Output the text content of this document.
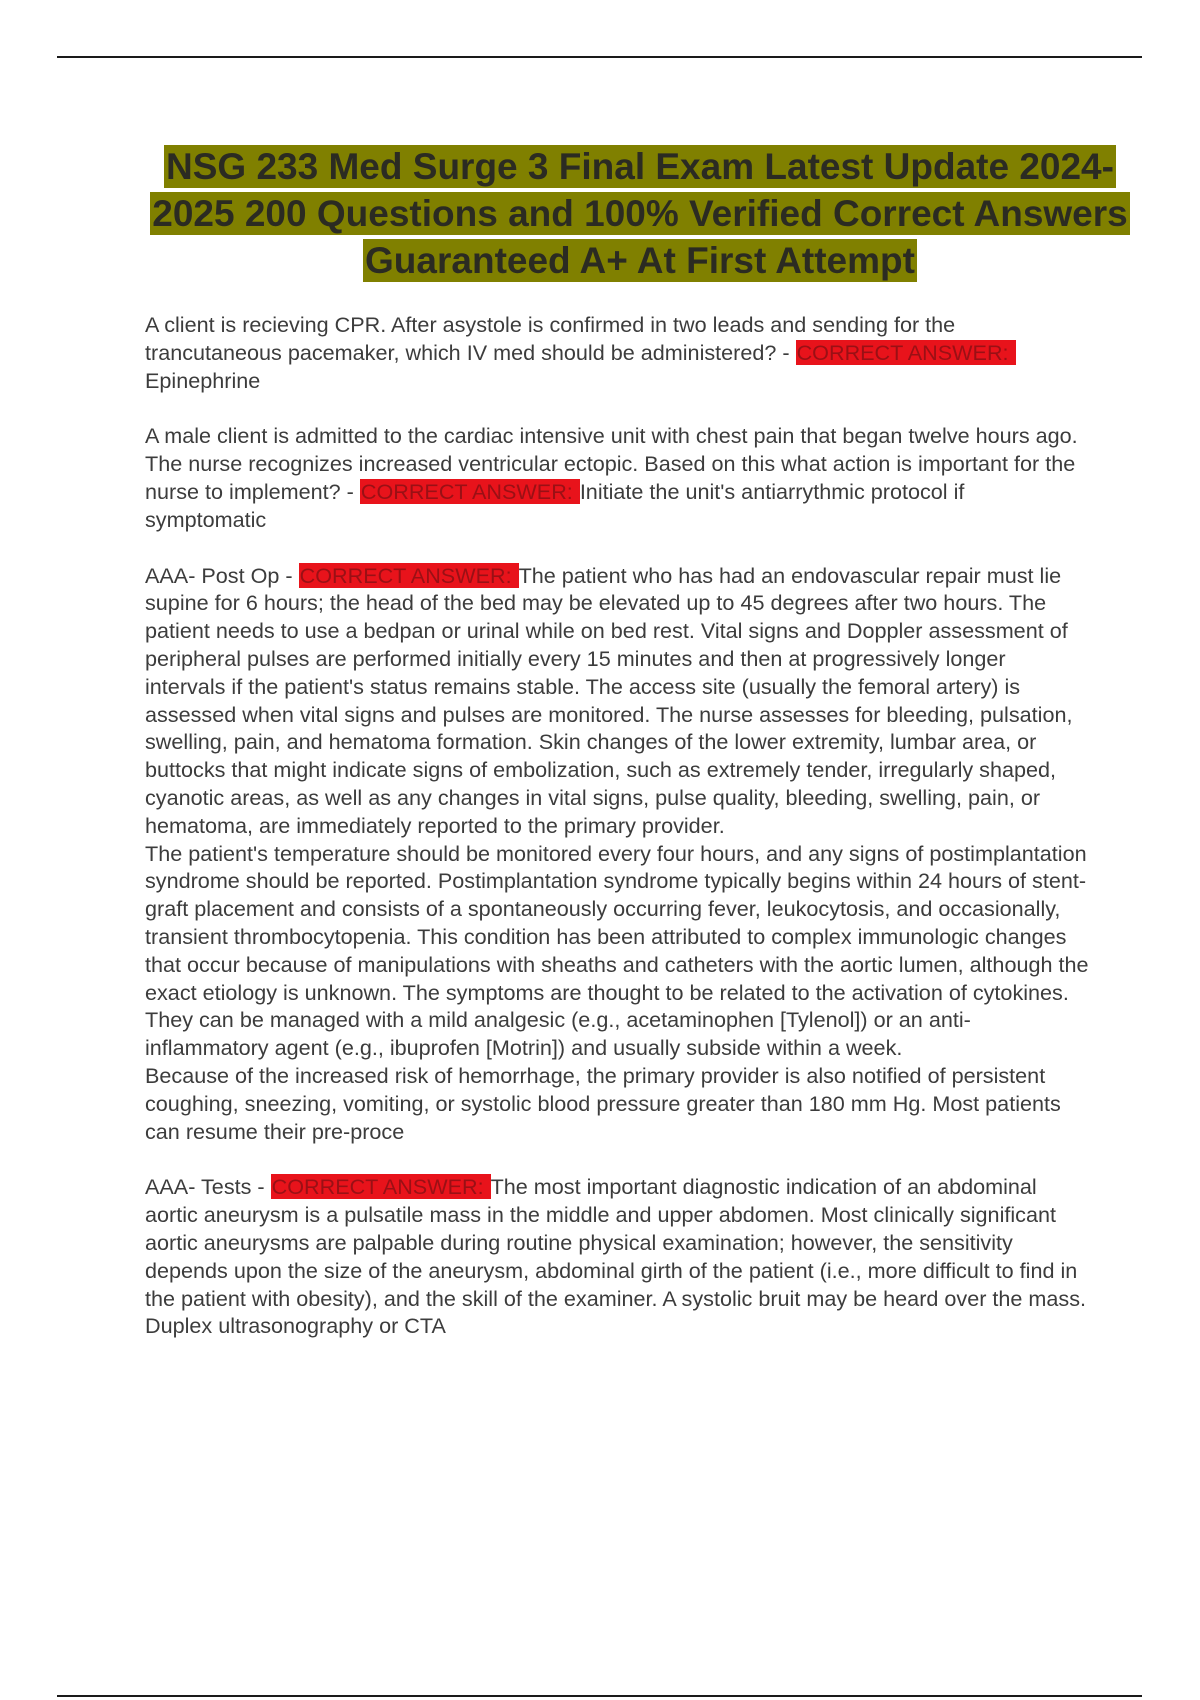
NSG 233 Med Surge 3 Final Exam Latest Update 2024-2025 200 Questions and 100% Verified Correct Answers Guaranteed A+ At First Attempt
A client is recieving CPR. After asystole is confirmed in two leads and sending for the trancutaneous pacemaker, which IV med should be administered? - CORRECT ANSWER: Epinephrine
A male client is admitted to the cardiac intensive unit with chest pain that began twelve hours ago. The nurse recognizes increased ventricular ectopic. Based on this what action is important for the nurse to implement? - CORRECT ANSWER: Initiate the unit's antiarrythmic protocol if symptomatic
AAA- Post Op - CORRECT ANSWER: The patient who has had an endovascular repair must lie supine for 6 hours; the head of the bed may be elevated up to 45 degrees after two hours. The patient needs to use a bedpan or urinal while on bed rest. Vital signs and Doppler assessment of peripheral pulses are performed initially every 15 minutes and then at progressively longer intervals if the patient's status remains stable. The access site (usually the femoral artery) is assessed when vital signs and pulses are monitored. The nurse assesses for bleeding, pulsation, swelling, pain, and hematoma formation. Skin changes of the lower extremity, lumbar area, or buttocks that might indicate signs of embolization, such as extremely tender, irregularly shaped, cyanotic areas, as well as any changes in vital signs, pulse quality, bleeding, swelling, pain, or hematoma, are immediately reported to the primary provider.
The patient's temperature should be monitored every four hours, and any signs of postimplantation syndrome should be reported. Postimplantation syndrome typically begins within 24 hours of stent-graft placement and consists of a spontaneously occurring fever, leukocytosis, and occasionally, transient thrombocytopenia. This condition has been attributed to complex immunologic changes that occur because of manipulations with sheaths and catheters with the aortic lumen, although the exact etiology is unknown. The symptoms are thought to be related to the activation of cytokines. They can be managed with a mild analgesic (e.g., acetaminophen [Tylenol]) or an anti-inflammatory agent (e.g., ibuprofen [Motrin]) and usually subside within a week.
Because of the increased risk of hemorrhage, the primary provider is also notified of persistent coughing, sneezing, vomiting, or systolic blood pressure greater than 180 mm Hg. Most patients can resume their pre-proce
AAA- Tests - CORRECT ANSWER: The most important diagnostic indication of an abdominal aortic aneurysm is a pulsatile mass in the middle and upper abdomen. Most clinically significant aortic aneurysms are palpable during routine physical examination; however, the sensitivity depends upon the size of the aneurysm, abdominal girth of the patient (i.e., more difficult to find in the patient with obesity), and the skill of the examiner. A systolic bruit may be heard over the mass. Duplex ultrasonography or CTA
